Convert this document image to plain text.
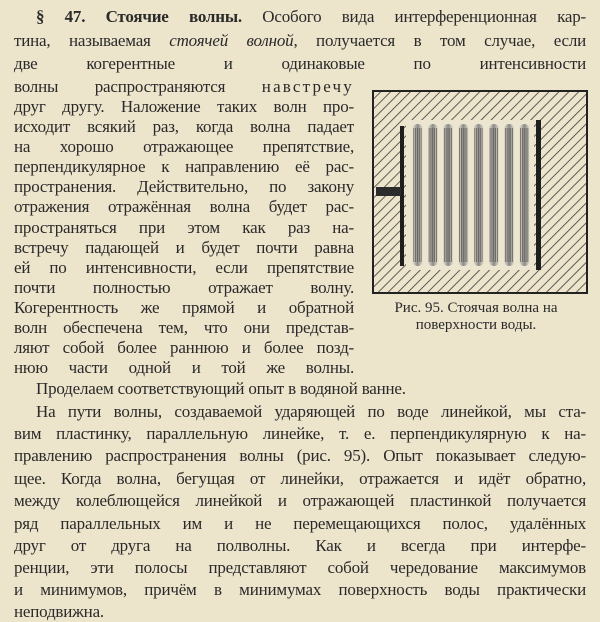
§ 47. Стоячие волны. Особого вида интерференционная кар-
тина, называемая стоячей волной, получается в том случае, если
две когерентные и одинаковые по интенсивности
волны распространяются навстречу
друг другу. Наложение таких волн про-
исходит всякий раз, когда волна падает
на хорошо отражающее препятствие,
перпендикулярное к направлению её рас-
пространения. Действительно, по закону
отражения отражённая волна будет рас-
пространяться при этом как раз на-
встречу падающей и будет почти равна
ей по интенсивности, если препятствие
почти полностью отражает волну.
Когерентность же прямой и обратной
волн обеспечена тем, что они представ-
ляют собой более раннюю и более позд-
нюю части одной и той же волны.
Проделаем соответствующий опыт в водяной ванне.
На пути волны, создаваемой ударяющей по воде линейкой, мы ста-
вим пластинку, параллельную линейке, т. е. перпендикулярную к на-
правлению распространения волны (рис. 95). Опыт показывает следую-
щее. Когда волна, бегущая от линейки, отражается и идёт обратно,
между колеблющейся линейкой и отражающей пластинкой получается
ряд параллельных им и не перемещающихся полос, удалённых
друг от друга на полволны. Как и всегда при интерфе-
ренции, эти полосы представляют собой чередование максимумов
и минимумов, причём в минимумах поверхность воды практически
неподвижна.
Рис. 95. Стоячая волна на
поверхности воды.
